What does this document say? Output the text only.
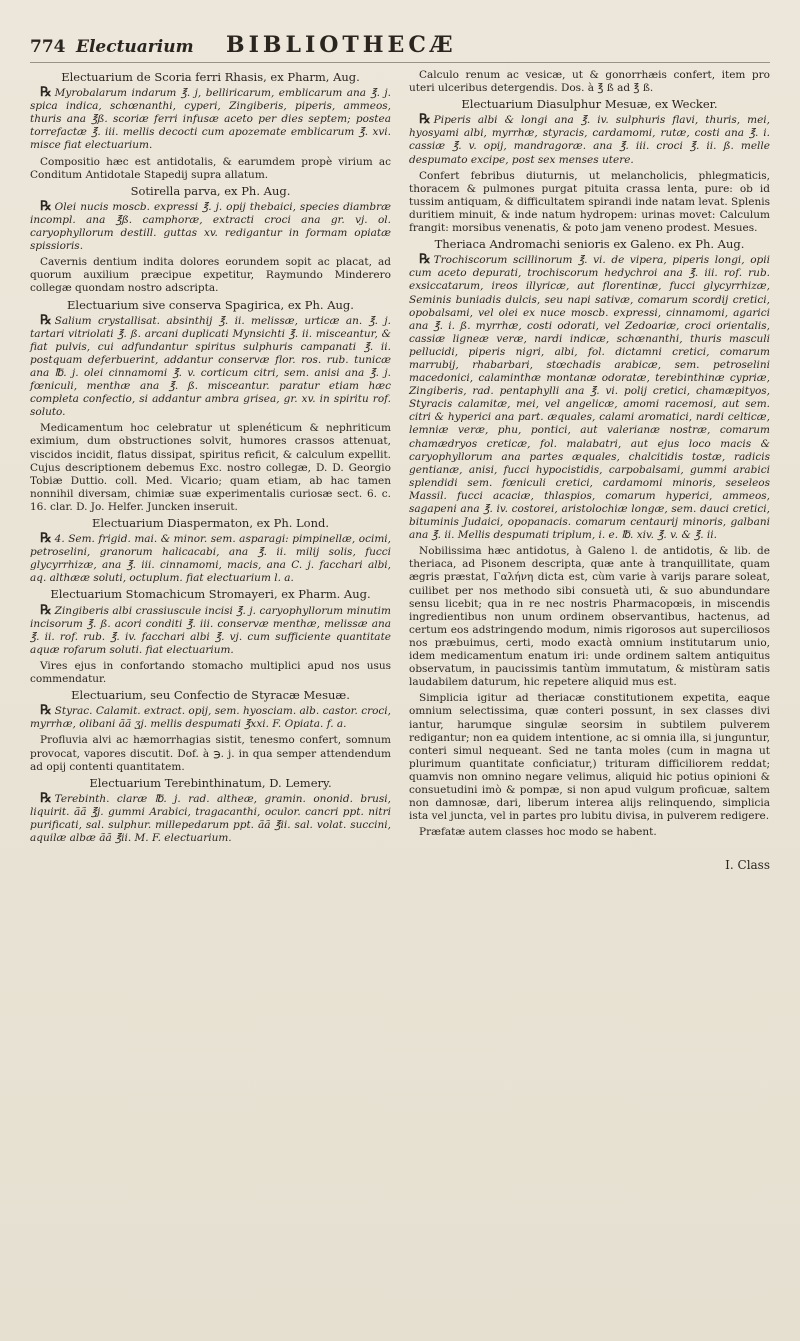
774 Electuarium	BIBLIOTHECÆ

Electuarium de Scoria ferri Rhasis, ex Pharm, Aug.

℞ Myrobalarum indarum ℥. j, belliricarum, emblicarum ana ℥. j. spica indica, schœnanthi, cyperi, Zingiberis, piperis, ammeos, thuris ana ℥ß. scoriæ ferri infusæ aceto per dies septem; postea torrefactæ ℥. iii. mellis decocti cum apozemate emblicarum ℥. xvi. misce fiat electuarium.

Compositio hæc est antidotalis, & earumdem propè virium ac Conditum Antidotale Stapedij supra allatum.

Sotirella parva, ex Ph. Aug.

℞ Olei nucis moscb. expressi ℥. j. opij thebaici, species diambræ incompl. ana ℥ß. camphoræ, extracti croci ana gr. vj. ol. caryophyllorum destill. guttas xv. redigantur in formam opiatæ spissioris.

Cavernis dentium indita dolores eorundem sopit ac placat, ad quorum auxilium præcipue expetitur, Raymundo Minderero collegæ quondam nostro adscripta.

Electuarium sive conserva Spagirica, ex Ph. Aug.

℞ Salium crystallisat. absinthij ℥. ii. melissæ, urticæ an. ℥. j. tartari vitriolati ℥. ß. arcani duplicati Mynsichti ℥. ii. misceantur, & fiat pulvis, cui adfundantur spiritus sulphuris campanati ℥. ii. postquam deferbuerint, addantur conservæ flor. ros. rub. tunicæ ana ℔. j. olei cinnamomi ℥. v. corticum citri, sem. anisi ana ℥. j. fœniculi, menthæ ana ℥. ß. misceantur. paratur etiam hæc completa confectio, si addantur ambra grisea, gr. xv. in spiritu rof. soluto.

Medicamentum hoc celebratur ut splenéticum & nephriticum eximium, dum obstructiones solvit, humores crassos attenuat, viscidos incidit, flatus dissipat, spiritus reficit, & calculum expellit. Cujus descriptionem debemus Exc. nostro collegæ, D. D. Georgio Tobiæ Duttio. coll. Med. Vicario; quam etiam, ab hac tamen nonnihil diversam, chimiæ suæ experimentalis curiosæ sect. 6. c. 16. clar. D. Jo. Helfer. Juncken inseruit.

Electuarium Diaspermaton, ex Ph. Lond.

℞ 4. Sem. frigid. mai. & minor. sem. asparagi: pimpinellæ, ocimi, petroselini, granorum halicacabi, ana ℥. ii. milij solis, fucci glycyrrhizæ, ana ℥. iii. cinnamomi, macis, ana C. j. facchari albi, aq. althææ soluti, octuplum. fiat electuarium l. a.

Electuarium Stomachicum Stromayeri, ex Pharm. Aug.

℞ Zingiberis albi crassiuscule incisi ℥. j. caryophyllorum minutim incisorum ℥. ß. acori conditi ℥. iii. conservæ menthæ, melissæ ana ℥. ii. rof. rub. ℥. iv. facchari albi ℥. vj. cum sufficiente quantitate aquæ rofarum soluti. fiat electuarium.

Vires ejus in confortando stomacho multiplici apud nos usus commendatur.

Electuarium, seu Confectio de Styracæ Mesuæ.

℞ Styrac. Calamit. extract. opij, sem. hyosciam. alb. castor. croci, myrrhæ, olibani ãã ʒj. mellis despumati ℥xxi. F. Opiata. f. a.

Profluvia alvi ac hæmorrhagias sistit, tenesmo confert, somnum provocat, vapores discutit. Dof. à ℈. j. in qua semper attendendum ad opij contenti quantitatem.

Electuarium Terebinthinatum, D. Lemery.

℞ Terebinth. claræ ℔. j. rad. altheæ, gramin. ononid. brusi, liquirit. ãã ℥j. gummi Arabici, tragacanthi, oculor. cancri ppt. nitri purificati, sal. sulphur. millepedarum ppt. ãã ℥ii. sal. volat. succini, aquilæ albæ ãã ℥ii. M. F. electuarium.

Calculo renum ac vesicæ, ut & gonorrhæis confert, item pro uteri ulceribus detergendis. Dos. à ℥ ß ad ℥ ß.

Electuarium Diasulphur Mesuæ, ex Wecker.

℞ Piperis albi & longi ana ℥. iv. sulphuris flavi, thuris, mei, hyosyami albi, myrrhæ, styracis, cardamomi, rutæ, costi ana ℥. i. cassiæ ℥. v. opij, mandragoræ. ana ℥. iii. croci ℥. ii. ß. melle despumato excipe, post sex menses utere.

Confert febribus diuturnis, ut melancholicis, phlegmaticis, thoracem & pulmones purgat pituita crassa lenta, pure: ob id tussim antiquam, & difficultatem spirandi inde natam levat. Splenis duritiem minuit, & inde natum hydropem: urinas movet: Calculum frangit: morsibus venenatis, & poto jam veneno prodest. Mesues.

Theriaca Andromachi senioris ex Galeno. ex Ph. Aug.

℞ Trochiscorum scillinorum ℥. vi. de vipera, piperis longi, opii cum aceto depurati, trochiscorum hedychroi ana ℥. iii. rof. rub. exsiccatarum, ireos illyricæ, aut florentinæ, fucci glycyrrhizæ, Seminis buniadis dulcis, seu napi sativæ, comarum scordij cretici, opobalsami, vel olei ex nuce moscb. expressi, cinnamomi, agarici ana ℥. i. ß. myrrhæ, costi odorati, vel Zedoariæ, croci orientalis, cassiæ ligneæ veræ, nardi indicæ, schœnanthi, thuris masculi pellucidi, piperis nigri, albi, fol. dictamni cretici, comarum marrubij, rhabarbari, stœchadis arabicæ, sem. petroselini macedonici, calaminthæ montanæ odoratæ, terebinthinæ cypriæ, Zingiberis, rad. pentaphylli ana ℥. vi. polij cretici, chamæpityos, Styracis calamitæ, mei, vel angelicæ, amomi racemosi, aut sem. citri & hyperici ana part. æquales, calami aromatici, nardi celticæ, lemniæ veræ, phu, pontici, aut valerianæ nostræ, comarum chamædryos creticæ, fol. malabatri, aut ejus loco macis & caryophyllorum ana partes æquales, chalcitidis tostæ, radicis gentianæ, anisi, fucci hypocistidis, carpobalsami, gummi arabici splendidi sem. fœniculi cretici, cardamomi minoris, seseleos Massil. fucci acaciæ, thlaspios, comarum hyperici, ammeos, sagapeni ana ℥. iv. costorei, aristolochiæ longæ, sem. dauci cretici, bituminis Judaici, opopanacis. comarum centaurij minoris, galbani ana ℥. ii. Mellis despumati triplum, i. e. ℔. xiv. ℥. v. & ℥. ii.

Nobilissima hæc antidotus, à Galeno l. de antidotis, & lib. de theriaca, ad Pisonem descripta, quæ ante à tranquillitate, quam ægris præstat, Γαλήνη dicta est, cùm varie à varijs parare soleat, cuilibet per nos methodo sibi consuetà uti, & suo abundundare sensu licebit; qua in re nec nostris Pharmacopœis, in miscendis ingredientibus non unum ordinem observantibus, hactenus, ad certum eos adstringendo modum, nimis rigorosos aut superciliosos nos præbuimus, certi, modo exactà omnium institutarum unio, idem medicamentum enatum iri: unde ordinem saltem antiquitus observatum, in paucissimis tantùm immutatum, & mistùram satis laudabilem daturum, hic repetere aliquid mus est.

Simplicia igitur ad theriacæ constitutionem expetita, eaque omnium selectissima, quæ conteri possunt, in sex classes divi iantur, harumque singulæ seorsim in subtilem pulverem redigantur; non ea quidem intentione, ac si omnia illa, si junguntur, conteri simul nequeant. Sed ne tanta moles (cum in magna ut plurimum quantitate conficiatur,) trituram difficiliorem reddat; quamvis non omnino negare velimus, aliquid hic potius opinioni & consuetudini imò & pompæ, si non apud vulgum proficuæ, saltem non damnosæ, dari, liberum interea alijs relinquendo, simplicia ista vel juncta, vel in partes pro lubitu divisa, in pulverem redigere.

Præfatæ autem classes hoc modo se habent.

I. Class
